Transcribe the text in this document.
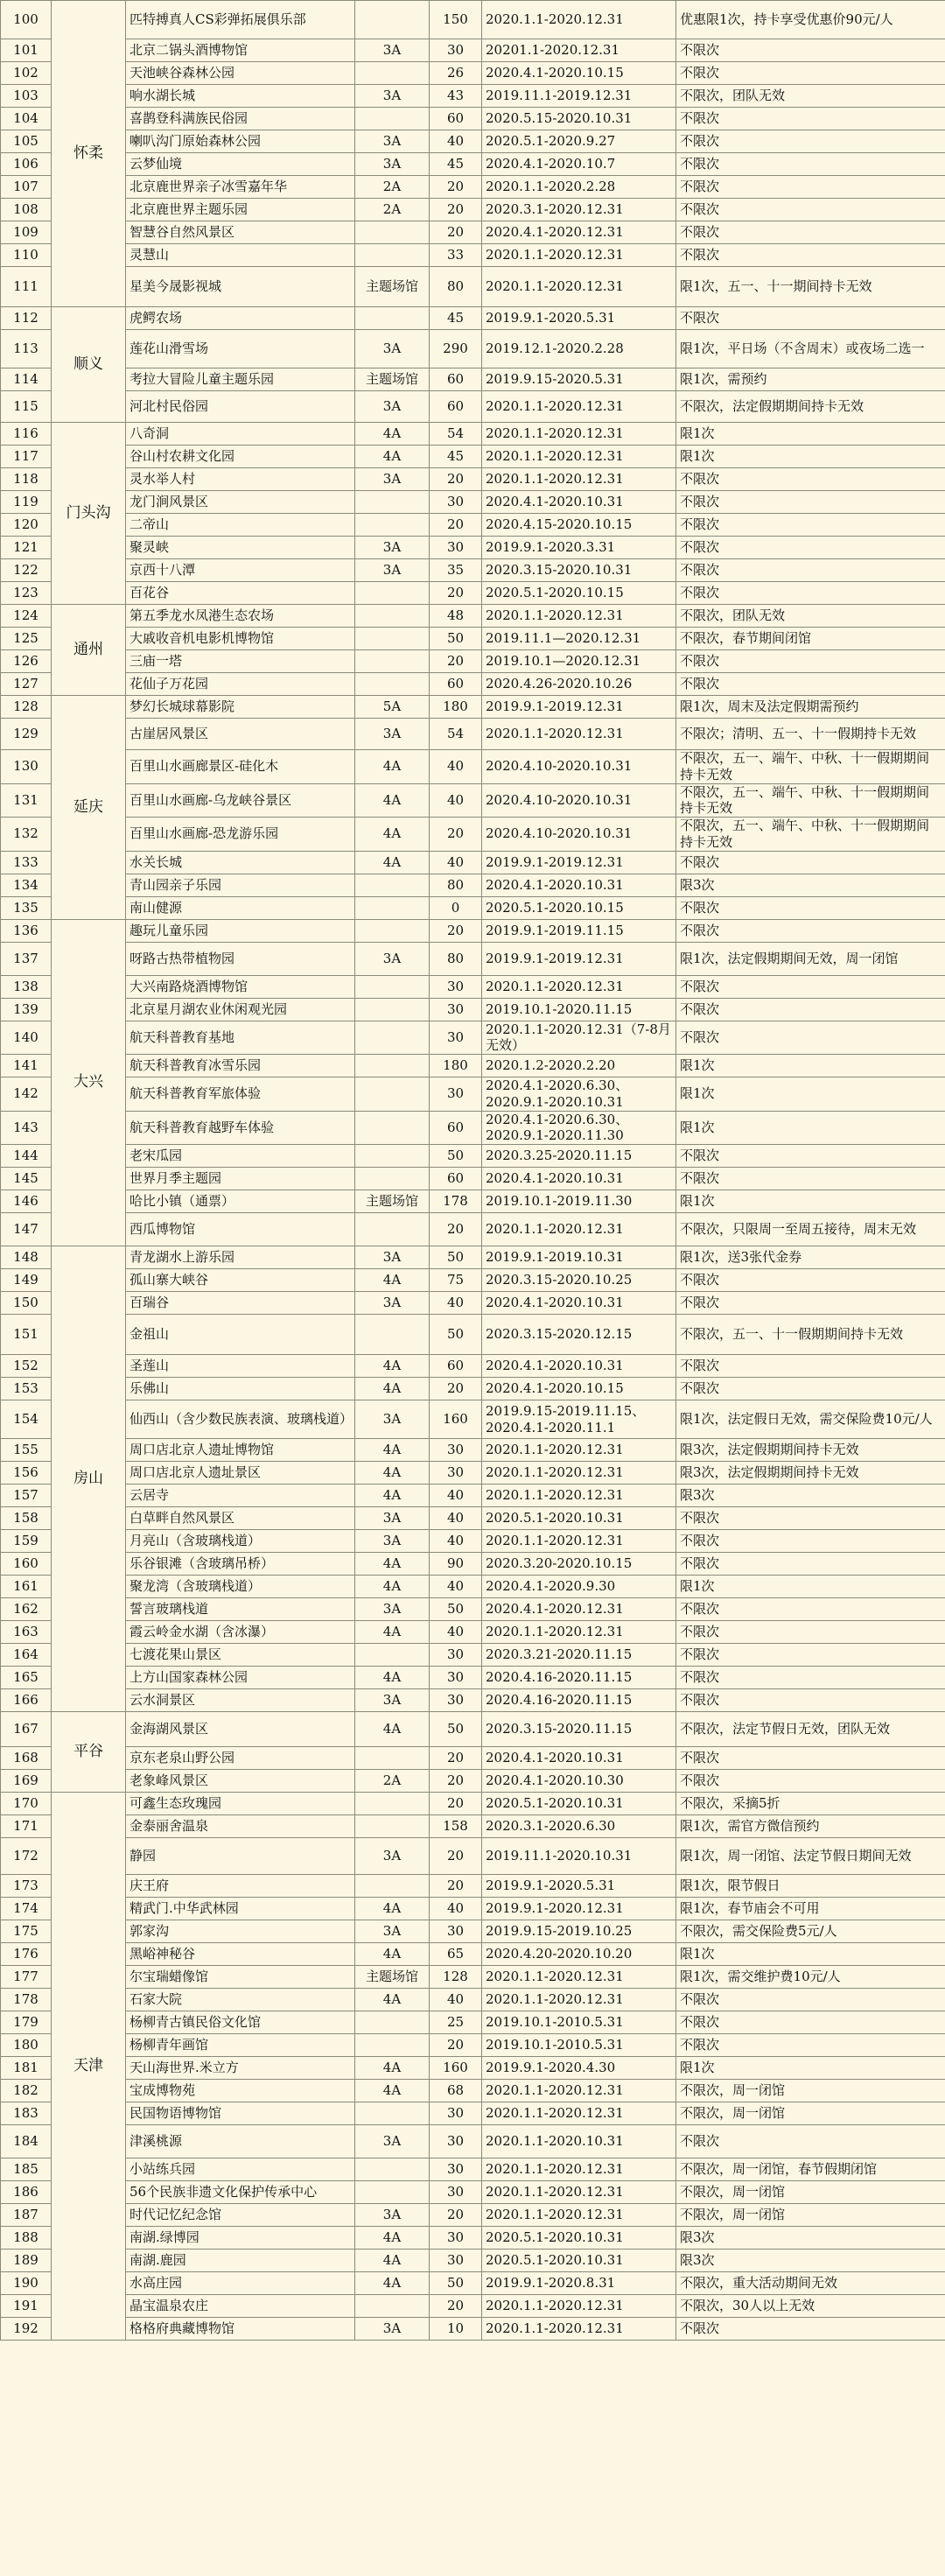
100	怀柔	匹特搏真人CS彩弹拓展俱乐部		150	2020.1.1-2020.12.31	优惠限1次，持卡享受优惠价90元/人
101		北京二锅头酒博物馆	3A	30	20201.1-2020.12.31	不限次
102		天池峡谷森林公园		26	2020.4.1-2020.10.15	不限次
103		响水湖长城	3A	43	2019.11.1-2019.12.31	不限次，团队无效
104		喜鹊登科满族民俗园		60	2020.5.15-2020.10.31	不限次
105		喇叭沟门原始森林公园	3A	40	2020.5.1-2020.9.27	不限次
106		云梦仙境	3A	45	2020.4.1-2020.10.7	不限次
107		北京鹿世界亲子冰雪嘉年华	2A	20	2020.1.1-2020.2.28	不限次
108		北京鹿世界主题乐园	2A	20	2020.3.1-2020.12.31	不限次
109		智慧谷自然风景区		20	2020.4.1-2020.12.31	不限次
110		灵慧山		33	2020.1.1-2020.12.31	不限次
111		星美今晟影视城	主题场馆	80	2020.1.1-2020.12.31	限1次，五一、十一期间持卡无效
112	顺义	虎鳄农场		45	2019.9.1-2020.5.31	不限次
113		莲花山滑雪场	3A	290	2019.12.1-2020.2.28	限1次，平日场（不含周末）或夜场二选一
114		考拉大冒险儿童主题乐园	主题场馆	60	2019.9.15-2020.5.31	限1次，需预约
115		河北村民俗园	3A	60	2020.1.1-2020.12.31	不限次，法定假期期间持卡无效
116	门头沟	八奇洞	4A	54	2020.1.1-2020.12.31	限1次
117		谷山村农耕文化园	4A	45	2020.1.1-2020.12.31	限1次
118		灵水举人村	3A	20	2020.1.1-2020.12.31	不限次
119		龙门涧风景区		30	2020.4.1-2020.10.31	不限次
120		二帝山		20	2020.4.15-2020.10.15	不限次
121		聚灵峡	3A	30	2019.9.1-2020.3.31	不限次
122		京西十八潭	3A	35	2020.3.15-2020.10.31	不限次
123		百花谷		20	2020.5.1-2020.10.15	不限次
124	通州	第五季龙水凤港生态农场		48	2020.1.1-2020.12.31	不限次，团队无效
125		大戚收音机电影机博物馆		50	2019.11.1—2020.12.31	不限次，春节期间闭馆
126		三庙一塔		20	2019.10.1—2020.12.31	不限次
127		花仙子万花园		60	2020.4.26-2020.10.26	不限次
128	延庆	梦幻长城球幕影院	5A	180	2019.9.1-2019.12.31	限1次，周末及法定假期需预约
129		古崖居风景区	3A	54	2020.1.1-2020.12.31	不限次；清明、五一、十一假期持卡无效
130		百里山水画廊景区-硅化木	4A	40	2020.4.10-2020.10.31	不限次，五一、端午、中秋、十一假期期间持卡无效
131		百里山水画廊-乌龙峡谷景区	4A	40	2020.4.10-2020.10.31	不限次，五一、端午、中秋、十一假期期间持卡无效
132		百里山水画廊-恐龙游乐园	4A	20	2020.4.10-2020.10.31	不限次，五一、端午、中秋、十一假期期间持卡无效
133		水关长城	4A	40	2019.9.1-2019.12.31	不限次
134		青山园亲子乐园		80	2020.4.1-2020.10.31	限3次
135		南山健源		0	2020.5.1-2020.10.15	不限次
136	大兴	趣玩儿童乐园		20	2019.9.1-2019.11.15	不限次
137		呀路古热带植物园	3A	80	2019.9.1-2019.12.31	限1次，法定假期期间无效，周一闭馆
138		大兴南路烧酒博物馆		30	2020.1.1-2020.12.31	不限次
139		北京星月湖农业休闲观光园		30	2019.10.1-2020.11.15	不限次
140		航天科普教育基地		30	2020.1.1-2020.12.31（7-8月无效）	不限次
141		航天科普教育冰雪乐园		180	2020.1.2-2020.2.20	限1次
142		航天科普教育军旅体验		30	2020.4.1-2020.6.30、2020.9.1-2020.10.31	限1次
143		航天科普教育越野车体验		60	2020.4.1-2020.6.30、2020.9.1-2020.11.30	限1次
144		老宋瓜园		50	2020.3.25-2020.11.15	不限次
145		世界月季主题园		60	2020.4.1-2020.10.31	不限次
146		哈比小镇（通票）	主题场馆	178	2019.10.1-2019.11.30	限1次
147		西瓜博物馆		20	2020.1.1-2020.12.31	不限次，只限周一至周五接待，周末无效
148	房山	青龙湖水上游乐园	3A	50	2019.9.1-2019.10.31	限1次，送3张代金券
149		孤山寨大峡谷	4A	75	2020.3.15-2020.10.25	不限次
150		百瑞谷	3A	40	2020.4.1-2020.10.31	不限次
151		金祖山		50	2020.3.15-2020.12.15	不限次，五一、十一假期期间持卡无效
152		圣莲山	4A	60	2020.4.1-2020.10.31	不限次
153		乐佛山	4A	20	2020.4.1-2020.10.15	不限次
154		仙西山（含少数民族表演、玻璃栈道）	3A	160	2019.9.15-2019.11.15、2020.4.1-2020.11.1	限1次，法定假日无效，需交保险费10元/人
155		周口店北京人遗址博物馆	4A	30	2020.1.1-2020.12.31	限3次，法定假期期间持卡无效
156		周口店北京人遗址景区	4A	30	2020.1.1-2020.12.31	限3次，法定假期期间持卡无效
157		云居寺	4A	40	2020.1.1-2020.12.31	限3次
158		白草畔自然风景区	3A	40	2020.5.1-2020.10.31	不限次
159		月亮山（含玻璃栈道）	3A	40	2020.1.1-2020.12.31	不限次
160		乐谷银滩（含玻璃吊桥）	4A	90	2020.3.20-2020.10.15	不限次
161		聚龙湾（含玻璃栈道）	4A	40	2020.4.1-2020.9.30	限1次
162		誓言玻璃栈道	3A	50	2020.4.1-2020.12.31	不限次
163		霞云岭金水湖（含冰瀑）	4A	40	2020.1.1-2020.12.31	不限次
164		七渡花果山景区		30	2020.3.21-2020.11.15	不限次
165		上方山国家森林公园	4A	30	2020.4.16-2020.11.15	不限次
166		云水洞景区	3A	30	2020.4.16-2020.11.15	不限次
167	平谷	金海湖风景区	4A	50	2020.3.15-2020.11.15	不限次，法定节假日无效，团队无效
168		京东老泉山野公园		20	2020.4.1-2020.10.31	不限次
169		老象峰风景区	2A	20	2020.4.1-2020.10.30	不限次
170	天津	可鑫生态玫瑰园		20	2020.5.1-2020.10.31	不限次，采摘5折
171		金泰丽舍温泉		158	2020.3.1-2020.6.30	限1次，需官方微信预约
172		静园	3A	20	2019.11.1-2020.10.31	限1次，周一闭馆、法定节假日期间无效
173		庆王府		20	2019.9.1-2020.5.31	限1次，限节假日
174		精武门.中华武林园	4A	40	2019.9.1-2020.12.31	限1次，春节庙会不可用
175		郭家沟	3A	30	2019.9.15-2019.10.25	不限次，需交保险费5元/人
176		黑峪神秘谷	4A	65	2020.4.20-2020.10.20	限1次
177		尔宝瑞蜡像馆	主题场馆	128	2020.1.1-2020.12.31	限1次，需交维护费10元/人
178		石家大院	4A	40	2020.1.1-2020.12.31	不限次
179		杨柳青古镇民俗文化馆		25	2019.10.1-2010.5.31	不限次
180		杨柳青年画馆		20	2019.10.1-2010.5.31	不限次
181		天山海世界.米立方	4A	160	2019.9.1-2020.4.30	限1次
182		宝成博物苑	4A	68	2020.1.1-2020.12.31	不限次，周一闭馆
183		民国物语博物馆		30	2020.1.1-2020.12.31	不限次，周一闭馆
184		津溪桃源	3A	30	2020.1.1-2020.10.31	不限次
185		小站练兵园		30	2020.1.1-2020.12.31	不限次，周一闭馆，春节假期闭馆
186		56个民族非遗文化保护传承中心		30	2020.1.1-2020.12.31	不限次，周一闭馆
187		时代记忆纪念馆	3A	20	2020.1.1-2020.12.31	不限次，周一闭馆
188		南湖.绿博园	4A	30	2020.5.1-2020.10.31	限3次
189		南湖.鹿园	4A	30	2020.5.1-2020.10.31	限3次
190		水高庄园	4A	50	2019.9.1-2020.8.31	不限次，重大活动期间无效
191		晶宝温泉农庄		20	2020.1.1-2020.12.31	不限次，30人以上无效
192		格格府典藏博物馆	3A	10	2020.1.1-2020.12.31	不限次
